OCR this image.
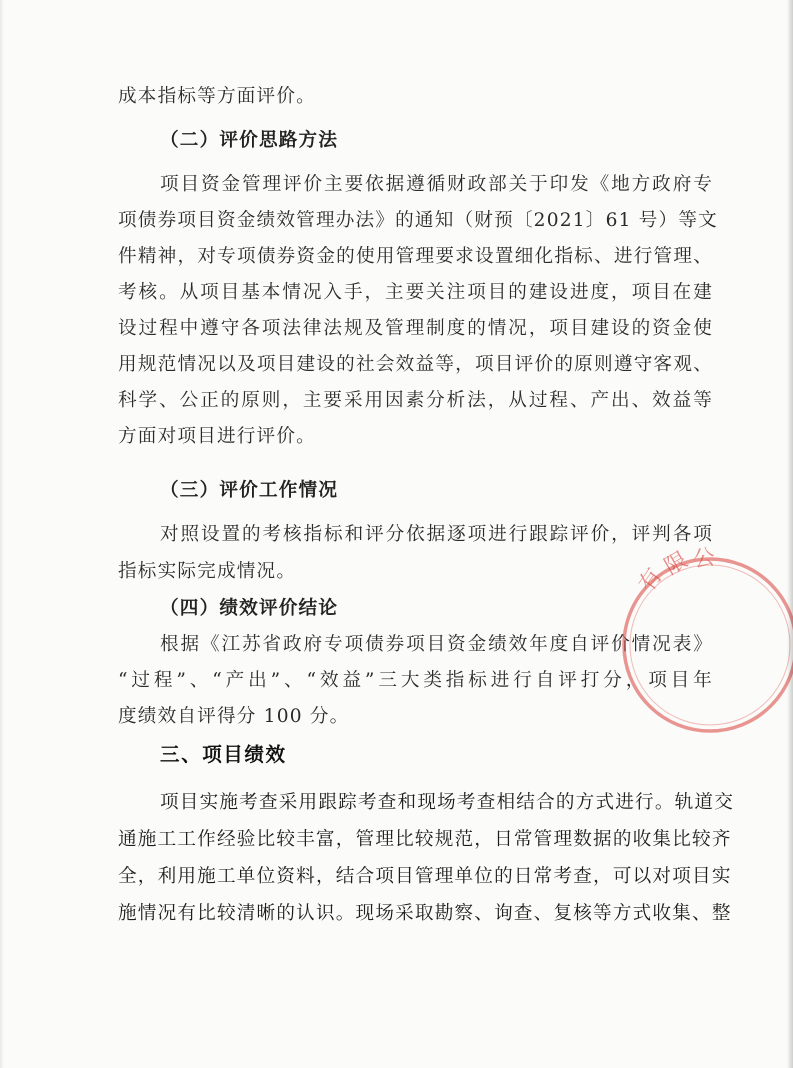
成本指标等方面评价。
（二）评价思路方法
项目资金管理评价主要依据遵循财政部关于印发《地方政府专
项债券项目资金绩效管理办法》的通知（财预〔2021〕61 号）等文
件精神，对专项债券资金的使用管理要求设置细化指标、进行管理、
考核。从项目基本情况入手，主要关注项目的建设进度，项目在建
设过程中遵守各项法律法规及管理制度的情况，项目建设的资金使
用规范情况以及项目建设的社会效益等，项目评价的原则遵守客观、
科学、公正的原则，主要采用因素分析法，从过程、产出、效益等
方面对项目进行评价。
（三）评价工作情况
对照设置的考核指标和评分依据逐项进行跟踪评价，评判各项
指标实际完成情况。
（四）绩效评价结论
根据《江苏省政府专项债券项目资金绩效年度自评价情况表》
“过程”、“产出”、“效益”三大类指标进行自评打分，项目年
度绩效自评得分 100 分。
三、项目绩效
项目实施考查采用跟踪考查和现场考查相结合的方式进行。轨道交
通施工工作经验比较丰富，管理比较规范，日常管理数据的收集比较齐
全，利用施工单位资料，结合项目管理单位的日常考查，可以对项目实
施情况有比较清晰的认识。现场采取勘察、询查、复核等方式收集、整
有
限 公
